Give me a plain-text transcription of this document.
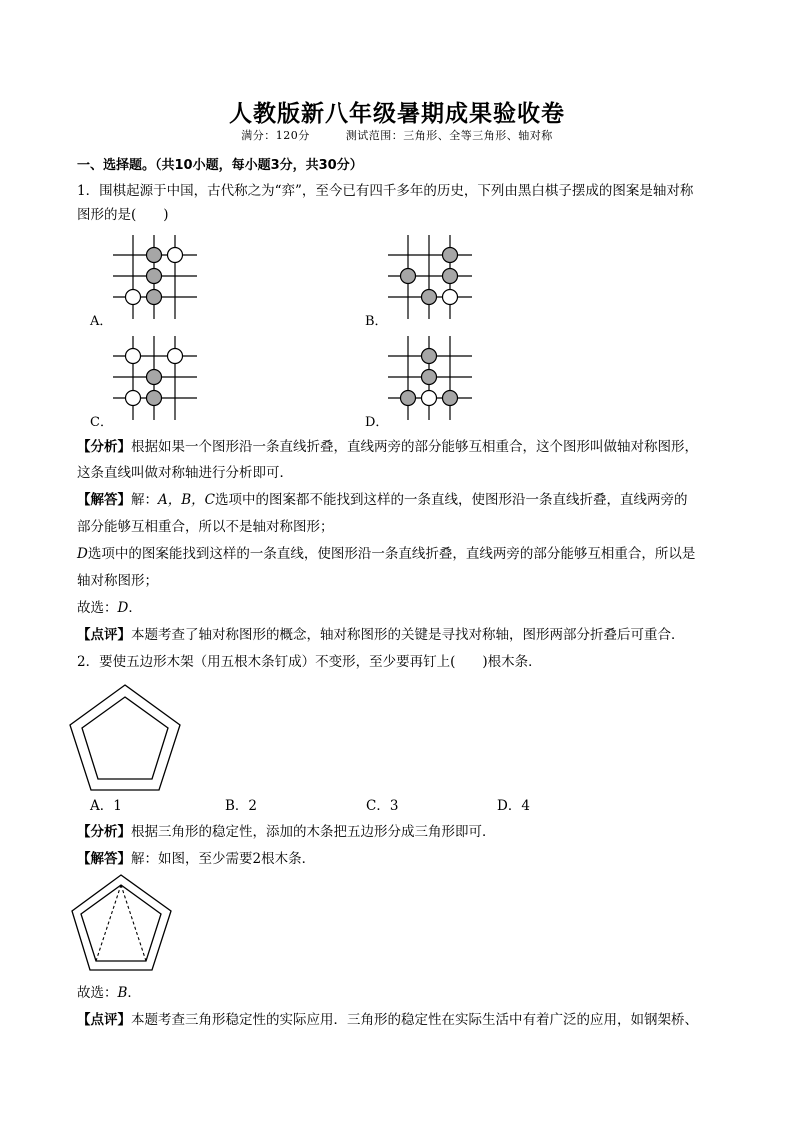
人教版新八年级暑期成果验收卷
满分：120分	测试范围：三角形、全等三角形、轴对称
一、选择题。（共10小题，每小题3分，共30分）
1．围棋起源于中国，古代称之为“弈”，至今已有四千多年的历史，下列由黑白棋子摆成的图案是轴对称
图形的是(　　)
A．	B．
C．	D．
【分析】根据如果一个图形沿一条直线折叠，直线两旁的部分能够互相重合，这个图形叫做轴对称图形，
这条直线叫做对称轴进行分析即可．
【解答】解：A，B，C选项中的图案都不能找到这样的一条直线，使图形沿一条直线折叠，直线两旁的
部分能够互相重合，所以不是轴对称图形；
D选项中的图案能找到这样的一条直线，使图形沿一条直线折叠，直线两旁的部分能够互相重合，所以是
轴对称图形；
故选：D．
【点评】本题考查了轴对称图形的概念，轴对称图形的关键是寻找对称轴，图形两部分折叠后可重合．
2．要使五边形木架（用五根木条钉成）不变形，至少要再钉上(　　)根木条．
A．1	B．2	C．3	D．4
【分析】根据三角形的稳定性，添加的木条把五边形分成三角形即可．
【解答】解：如图，至少需要2根木条．
故选：B．
【点评】本题考查三角形稳定性的实际应用．三角形的稳定性在实际生活中有着广泛的应用，如钢架桥、
